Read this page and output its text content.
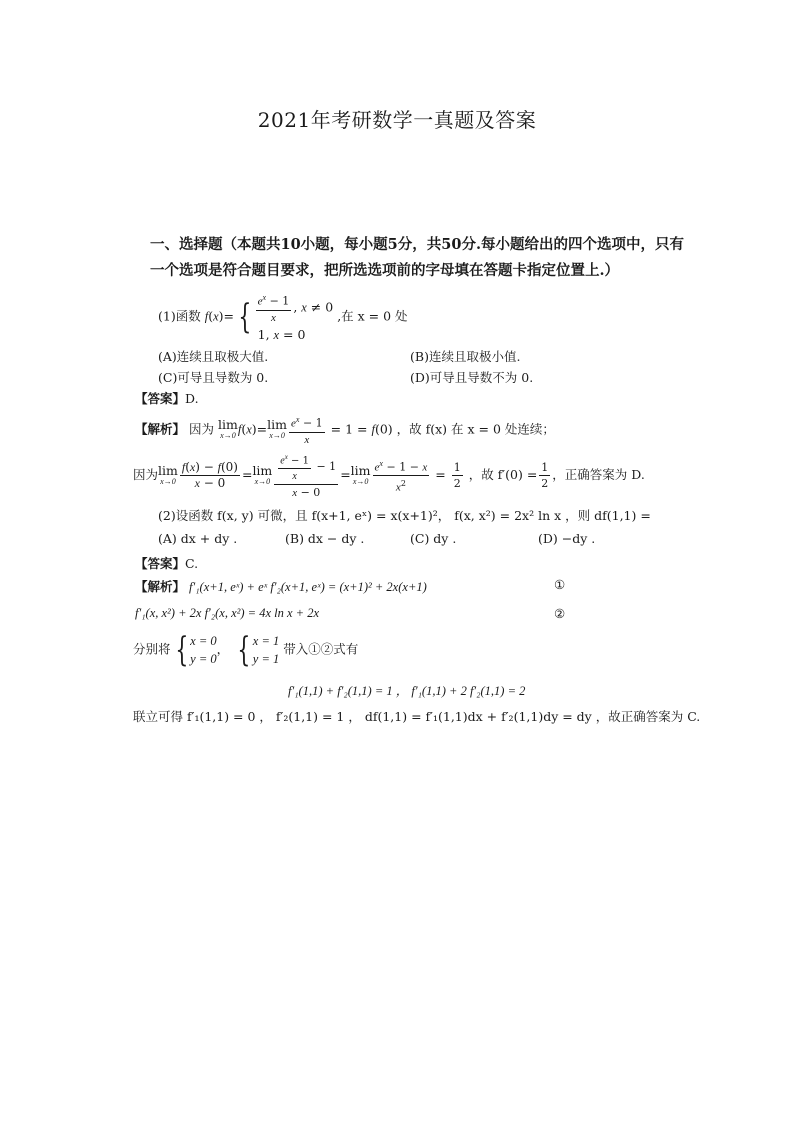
2021年考研数学一真题及答案
一、选择题（本题共10小题，每小题5分，共50分.每小题给出的四个选项中，只有一个选项是符合题目要求，把所选选项前的字母填在答题卡指定位置上.）
(1)函数 f(x)= { $\frac{e^x - 1}{x}$ , x ≠ 0
1, x = 0
,在 x = 0 处
(A)连续且取极大值.	(B)连续且取极小值.
(C)可导且导数为 0.	(D)可导且导数不为 0.
【答案】D.
【解析】 因为 lim
x→0 f(x)=lim
$x\to 0 \frac{e^x - 1}{x} = 1 = f(0)$ ，故 f(x) 在 x = 0 处连续；
因为lim
$x\to 0 \frac{f(x) - f(0)}{x - 0} =\lim$
$x\to 0 \frac{\frac{e^x - 1}{x} - 1}{x - 0} =\lim$
$x\to 0 \frac{e^x - 1 - x}{x^2} = \frac{1}{2}$ ，故 $f'(0) = \frac{1}{2}$ ，正确答案为 D.
(2)设函数 f(x, y) 可微，且 f(x+1, eˣ) = x(x+1)²， f(x, x²) = 2x² ln x ，则 df(1,1) =
(A) dx + dy .	(B) dx − dy .	(C) dy .	(D) −dy .
【答案】C.
【解析】 f′₁(x+1, eˣ) + eˣ f′₂(x+1, eˣ) = (x+1)² + 2x(x+1)	①
f′₁(x, x²) + 2x f′₂(x, x²) = 4x ln x + 2x	②
分别将 { x = 0
y = 0
， { x = 1
y = 1
带入①②式有
f′₁(1,1) + f′₂(1,1) = 1 ， f′₁(1,1) + 2 f′₂(1,1) = 2
联立可得 f′₁(1,1) = 0 ， f′₂(1,1) = 1 ， df(1,1) = f′₁(1,1)dx + f′₂(1,1)dy = dy ，故正确答案为 C.
